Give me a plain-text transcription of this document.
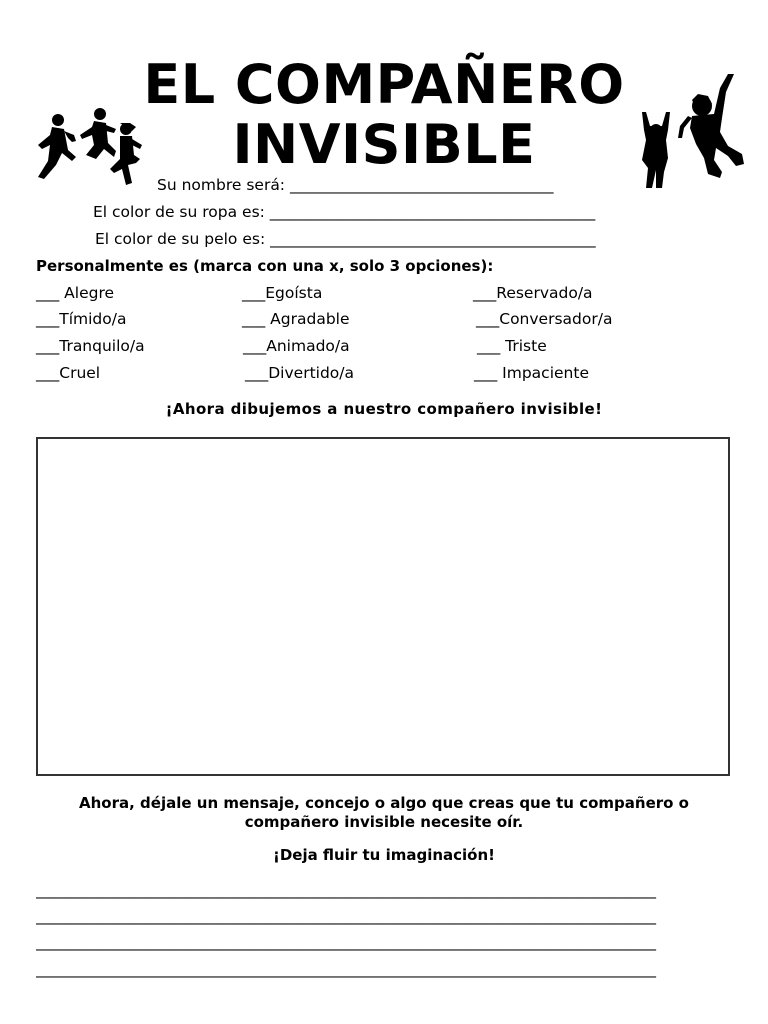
EL COMPAÑERO
INVISIBLE
Su nombre será: __________________________________
El color de su ropa es: __________________________________________
El color de su pelo es: __________________________________________
Personalmente es (marca con una x, solo 3 opciones):
___ Alegre	___Egoísta	___Reservado/a
___Tímido/a	___ Agradable	___Conversador/a
___Tranquilo/a	___Animado/a	___ Triste
___Cruel	___Divertido/a	___ Impaciente
¡Ahora dibujemos a nuestro compañero invisible!
Ahora, déjale un mensaje, concejo o algo que creas que tu compañero o compañero invisible necesite oír.
¡Deja fluir tu imaginación!
________________________________________________________________________________
________________________________________________________________________________
________________________________________________________________________________
________________________________________________________________________________
